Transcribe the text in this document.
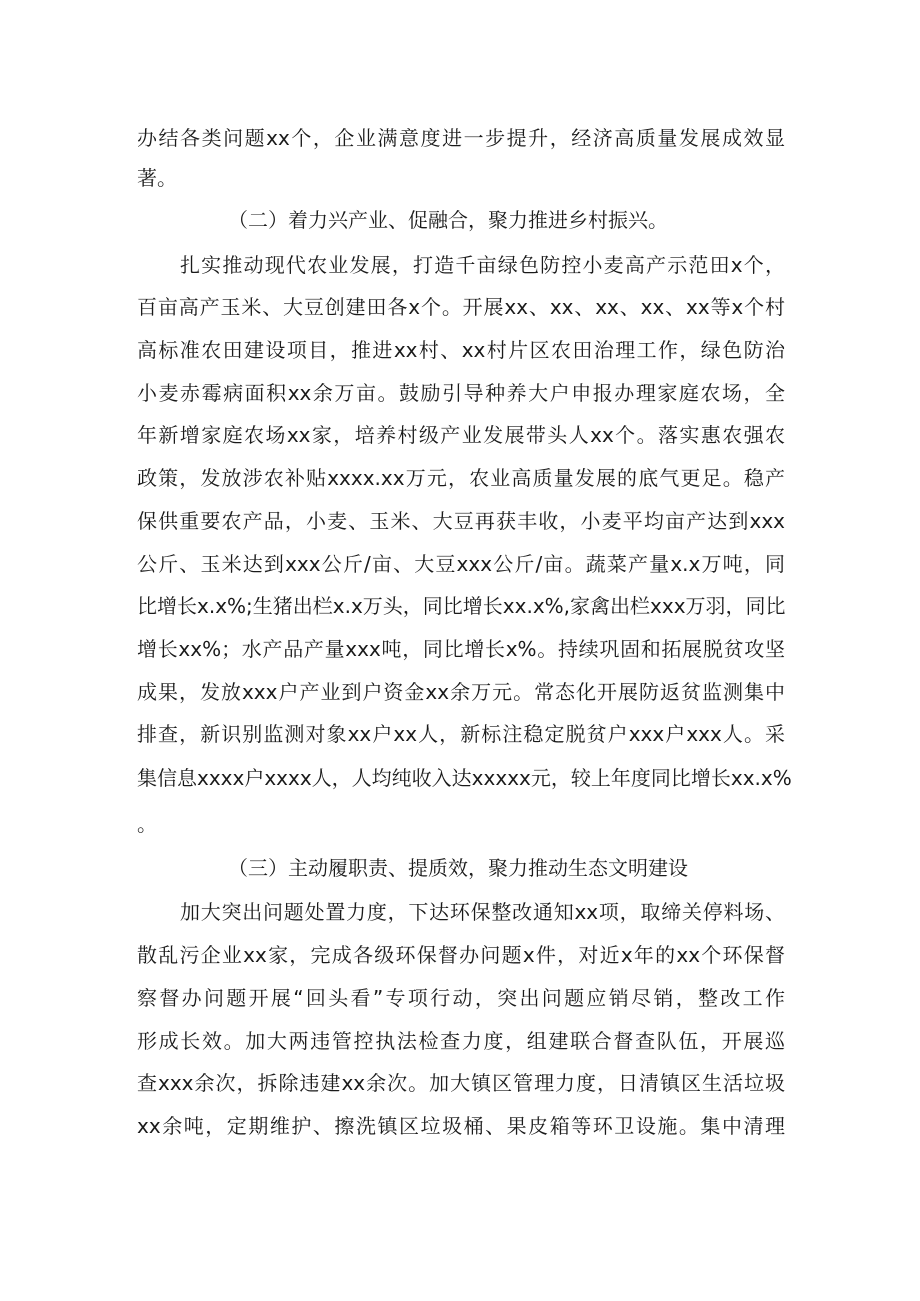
办结各类问题xx个，企业满意度进一步提升，经济高质量发展成效显
著。
（二）着力兴产业、促融合，聚力推进乡村振兴。
扎实推动现代农业发展，打造千亩绿色防控小麦高产示范田x个，
百亩高产玉米、大豆创建田各x个。开展xx、xx、xx、xx、xx等x个村
高标准农田建设项目，推进xx村、xx村片区农田治理工作，绿色防治
小麦赤霉病面积xx余万亩。鼓励引导种养大户申报办理家庭农场，全
年新增家庭农场xx家，培养村级产业发展带头人xx个。落实惠农强农
政策，发放涉农补贴xxxx.xx万元，农业高质量发展的底气更足。稳产
保供重要农产品，小麦、玉米、大豆再获丰收，小麦平均亩产达到xxx
公斤、玉米达到xxx公斤/亩、大豆xxx公斤/亩。蔬菜产量x.x万吨，同
比增长x.x%;生猪出栏x.x万头，同比增长xx.x%,家禽出栏xxx万羽，同比
增长xx%；水产品产量xxx吨，同比增长x%。持续巩固和拓展脱贫攻坚
成果，发放xxx户产业到户资金xx余万元。常态化开展防返贫监测集中
排查，新识别监测对象xx户xx人，新标注稳定脱贫户xxx户xxx人。采
集信息xxxx户xxxx人，人均纯收入达xxxxx元，较上年度同比增长xx.x%
。
（三）主动履职责、提质效，聚力推动生态文明建设
加大突出问题处置力度，下达环保整改通知xx项，取缔关停料场、
散乱污企业xx家，完成各级环保督办问题x件，对近x年的xx个环保督
察督办问题开展“回头看”专项行动，突出问题应销尽销，整改工作
形成长效。加大两违管控执法检查力度，组建联合督查队伍，开展巡
查xxx余次，拆除违建xx余次。加大镇区管理力度，日清镇区生活垃圾
xx余吨，定期维护、擦洗镇区垃圾桶、果皮箱等环卫设施。集中清理
